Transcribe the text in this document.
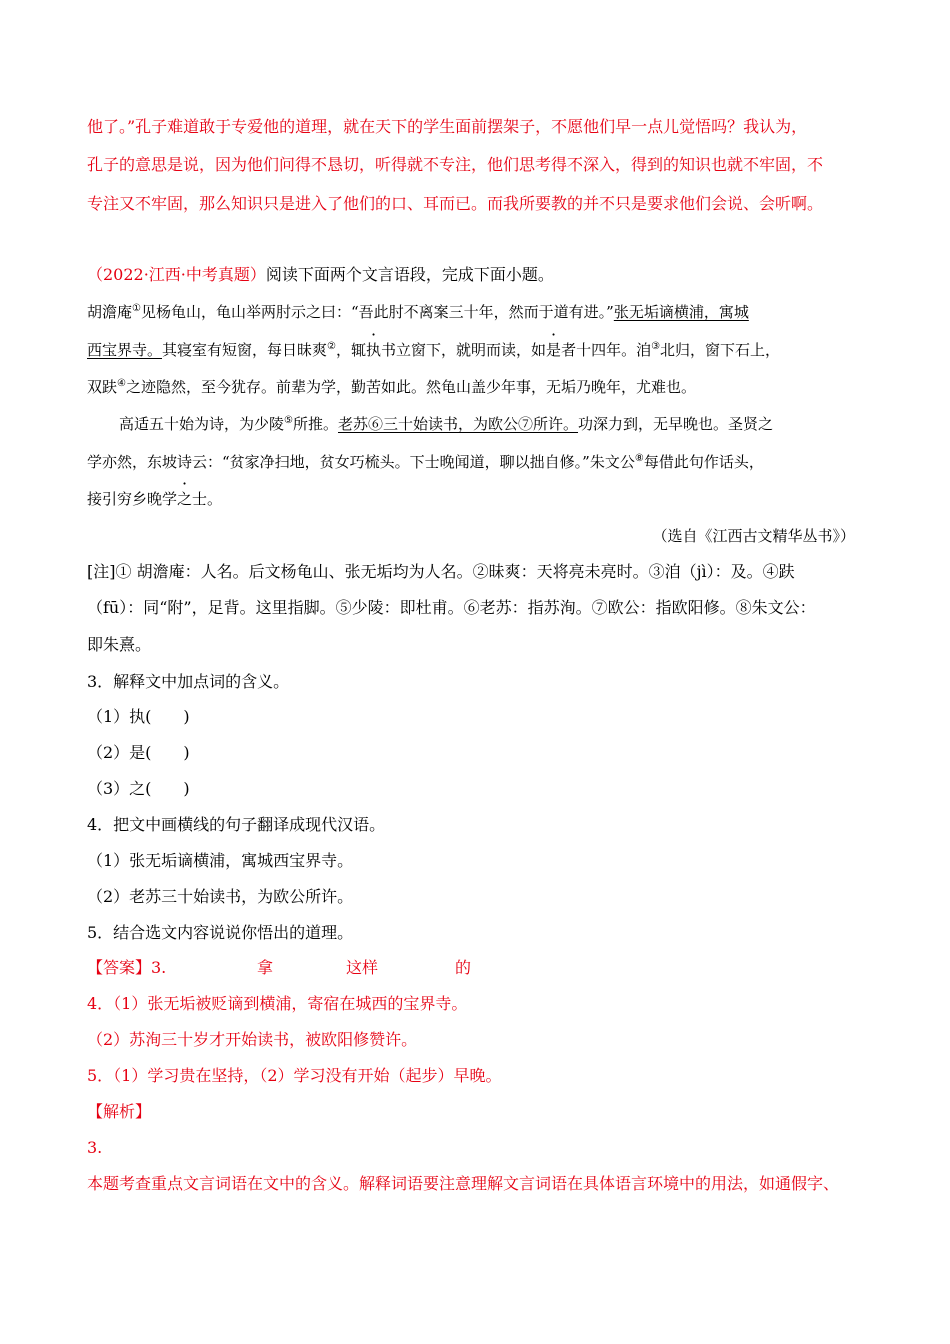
他了。”孔子难道敢于专爱他的道理，就在天下的学生面前摆架子，不愿他们早一点儿觉悟吗？我认为，
孔子的意思是说，因为他们问得不恳切，听得就不专注，他们思考得不深入，得到的知识也就不牢固，不
专注又不牢固，那么知识只是进入了他们的口、耳而已。而我所要教的并不只是要求他们会说、会听啊。
（2022·江西·中考真题）阅读下面两个文言语段，完成下面小题。
胡澹庵①见杨龟山，龟山举两肘示之曰：“吾此肘不离案三十年，然而于道有进。”张无垢谪横浦，寓城
西宝界寺。其寝室有短窗，每日昧爽②，辄执书立窗下，就明而读，如是者十四年。洎③北归，窗下石上，
双趺④之迹隐然，至今犹存。前辈为学，勤苦如此。然龟山盖少年事，无垢乃晚年，尤难也。
高适五十始为诗，为少陵⑤所推。老苏⑥三十始读书，为欧公⑦所许。功深力到，无早晚也。圣贤之
学亦然，东坡诗云：“贫家净扫地，贫女巧梳头。下士晚闻道，聊以拙自修。”朱文公⑧每借此句作话头，
接引穷乡晚学之士。
（选自《江西古文精华丛书》）
[注]① 胡澹庵：人名。后文杨龟山、张无垢均为人名。②昧爽：天将亮未亮时。③洎（jì）：及。④趺
（fū）：同“附”，足背。这里指脚。⑤少陵：即杜甫。⑥老苏：指苏洵。⑦欧公：指欧阳修。⑧朱文公：
即朱熹。
3．解释文中加点词的含义。
（1）执(　　)
（2）是(　　)
（3）之(　　)
4．把文中画横线的句子翻译成现代汉语。
（1）张无垢谪横浦，寓城西宝界寺。
（2）老苏三十始读书，为欧公所许。
5．结合选文内容说说你悟出的道理。
【答案】3.	拿	这样	的
4．（1）张无垢被贬谪到横浦，寄宿在城西的宝界寺。
（2）苏洵三十岁才开始读书，被欧阳修赞许。
5．（1）学习贵在坚持，（2）学习没有开始（起步）早晚。
【解析】
3.
本题考查重点文言词语在文中的含义。解释词语要注意理解文言词语在具体语言环境中的用法，如通假字、
